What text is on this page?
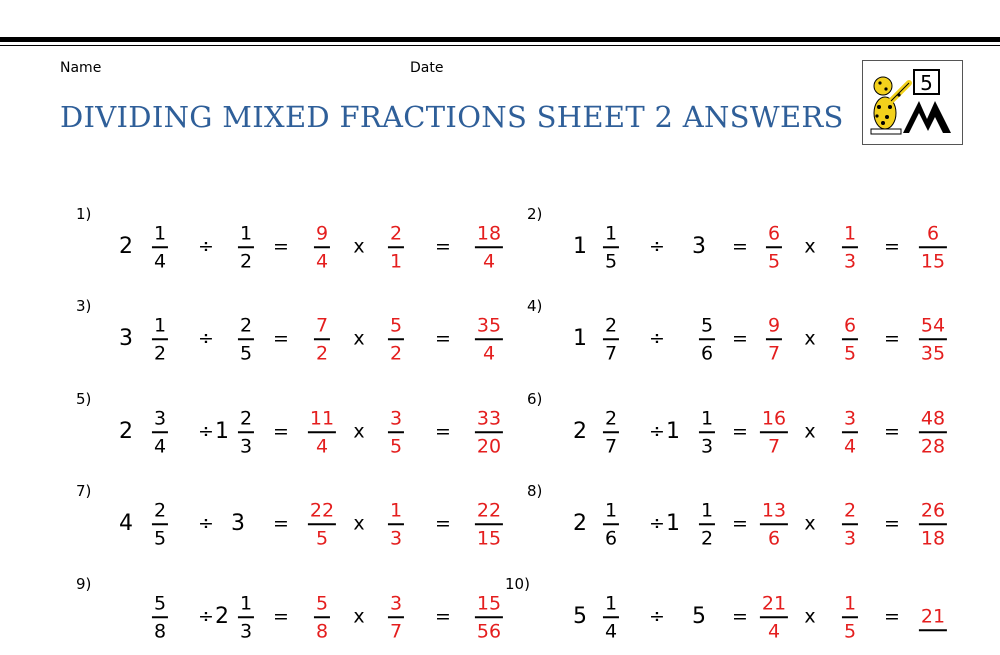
Name	Date
DIVIDING MIXED FRACTIONS SHEET 2 ANSWERS
5
1)
2
1
4
÷
1
2
=
9
4
x
2
1
=
18
4
2)
1
1
5
÷ 3 =
6
5
x
1
3
=
6
15
3)
3
1
2
÷
2
5
=
7
2
x
5
2
=
35
4
4)
1
2
7
÷
5
6
=
9
7
x
6
5
=
54
35
5)
2
3
4
÷ 1
2
3
=
11
4
x
3
5
=
33
20
6)
2
2
7
÷ 1
1
3
=
16
7
x
3
4
=
48
28
7)
4
2
5
÷ 3 =
22
5
x
1
3
=
22
15
8)
2
1
6
÷ 1
1
2
=
13
6
x
2
3
=
26
18
9)
5
8
÷ 2
1
3
=
5
8
x
3
7
=
15
56
10)
5
1
4
÷ 5 =
21
4
x
1
5
= 21
